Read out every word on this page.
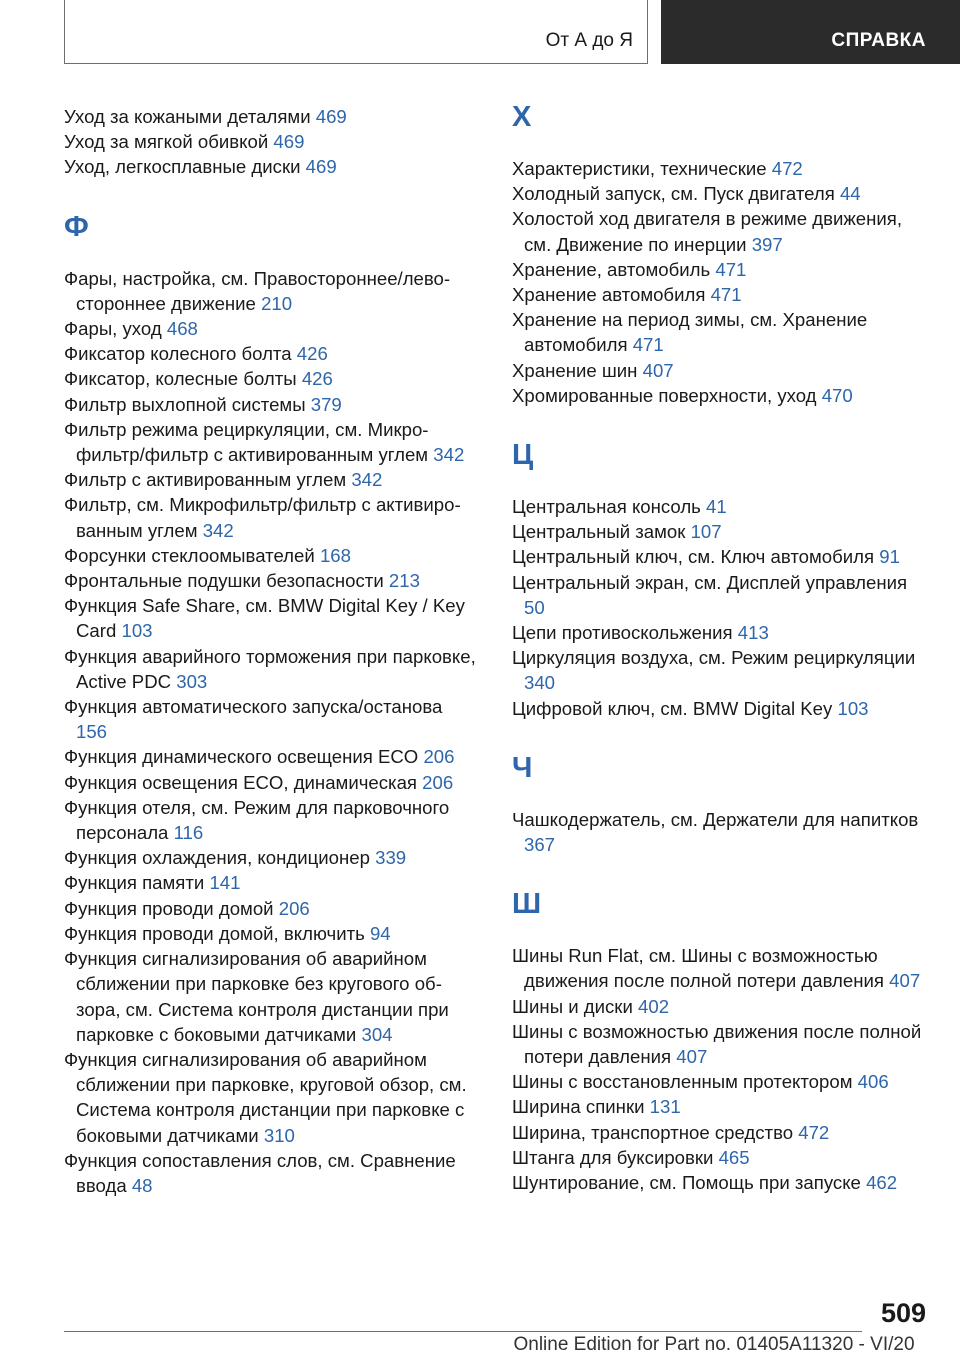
От А до Я	СПРАВКА
Уход за кожаными деталями 469
Уход за мягкой обивкой 469
Уход, легкосплавные диски 469
Ф
Фары, настройка, см. Правостороннее/левостороннее движение 210
Фары, уход 468
Фиксатор колесного болта 426
Фиксатор, колесные болты 426
Фильтр выхлопной системы 379
Фильтр режима рециркуляции, см. Микрофильтр/фильтр с активированным углем 342
Фильтр с активированным углем 342
Фильтр, см. Микрофильтр/фильтр с активированным углем 342
Форсунки стеклоомывателей 168
Фронтальные подушки безопасности 213
Функция Safe Share, см. BMW Digital Key / Key Card 103
Функция аварийного торможения при парковке, Active PDC 303
Функция автоматического запуска/останова 156
Функция динамического освещения ECO 206
Функция освещения ECO, динамическая 206
Функция отеля, см. Режим для парковочного персонала 116
Функция охлаждения, кондиционер 339
Функция памяти 141
Функция проводи домой 206
Функция проводи домой, включить 94
Функция сигнализирования об аварийном сближении при парковке без кругового обзора, см. Система контроля дистанции при парковке с боковыми датчиками 304
Функция сигнализирования об аварийном сближении при парковке, круговой обзор, см. Система контроля дистанции при парковке с боковыми датчиками 310
Функция сопоставления слов, см. Сравнение ввода 48
Х
Характеристики, технические 472
Холодный запуск, см. Пуск двигателя 44
Холостой ход двигателя в режиме движения, см. Движение по инерции 397
Хранение, автомобиль 471
Хранение автомобиля 471
Хранение на период зимы, см. Хранение автомобиля 471
Хранение шин 407
Хромированные поверхности, уход 470
Ц
Центральная консоль 41
Центральный замок 107
Центральный ключ, см. Ключ автомобиля 91
Центральный экран, см. Дисплей управления 50
Цепи противоскольжения 413
Циркуляция воздуха, см. Режим рециркуляции 340
Цифровой ключ, см. BMW Digital Key 103
Ч
Чашкодержатель, см. Держатели для напитков 367
Ш
Шины Run Flat, см. Шины с возможностью движения после полной потери давления 407
Шины и диски 402
Шины с возможностью движения после полной потери давления 407
Шины с восстановленным протектором 406
Ширина спинки 131
Ширина, транспортное средство 472
Штанга для буксировки 465
Шунтирование, см. Помощь при запуске 462
509
Online Edition for Part no. 01405A11320 - VI/20
